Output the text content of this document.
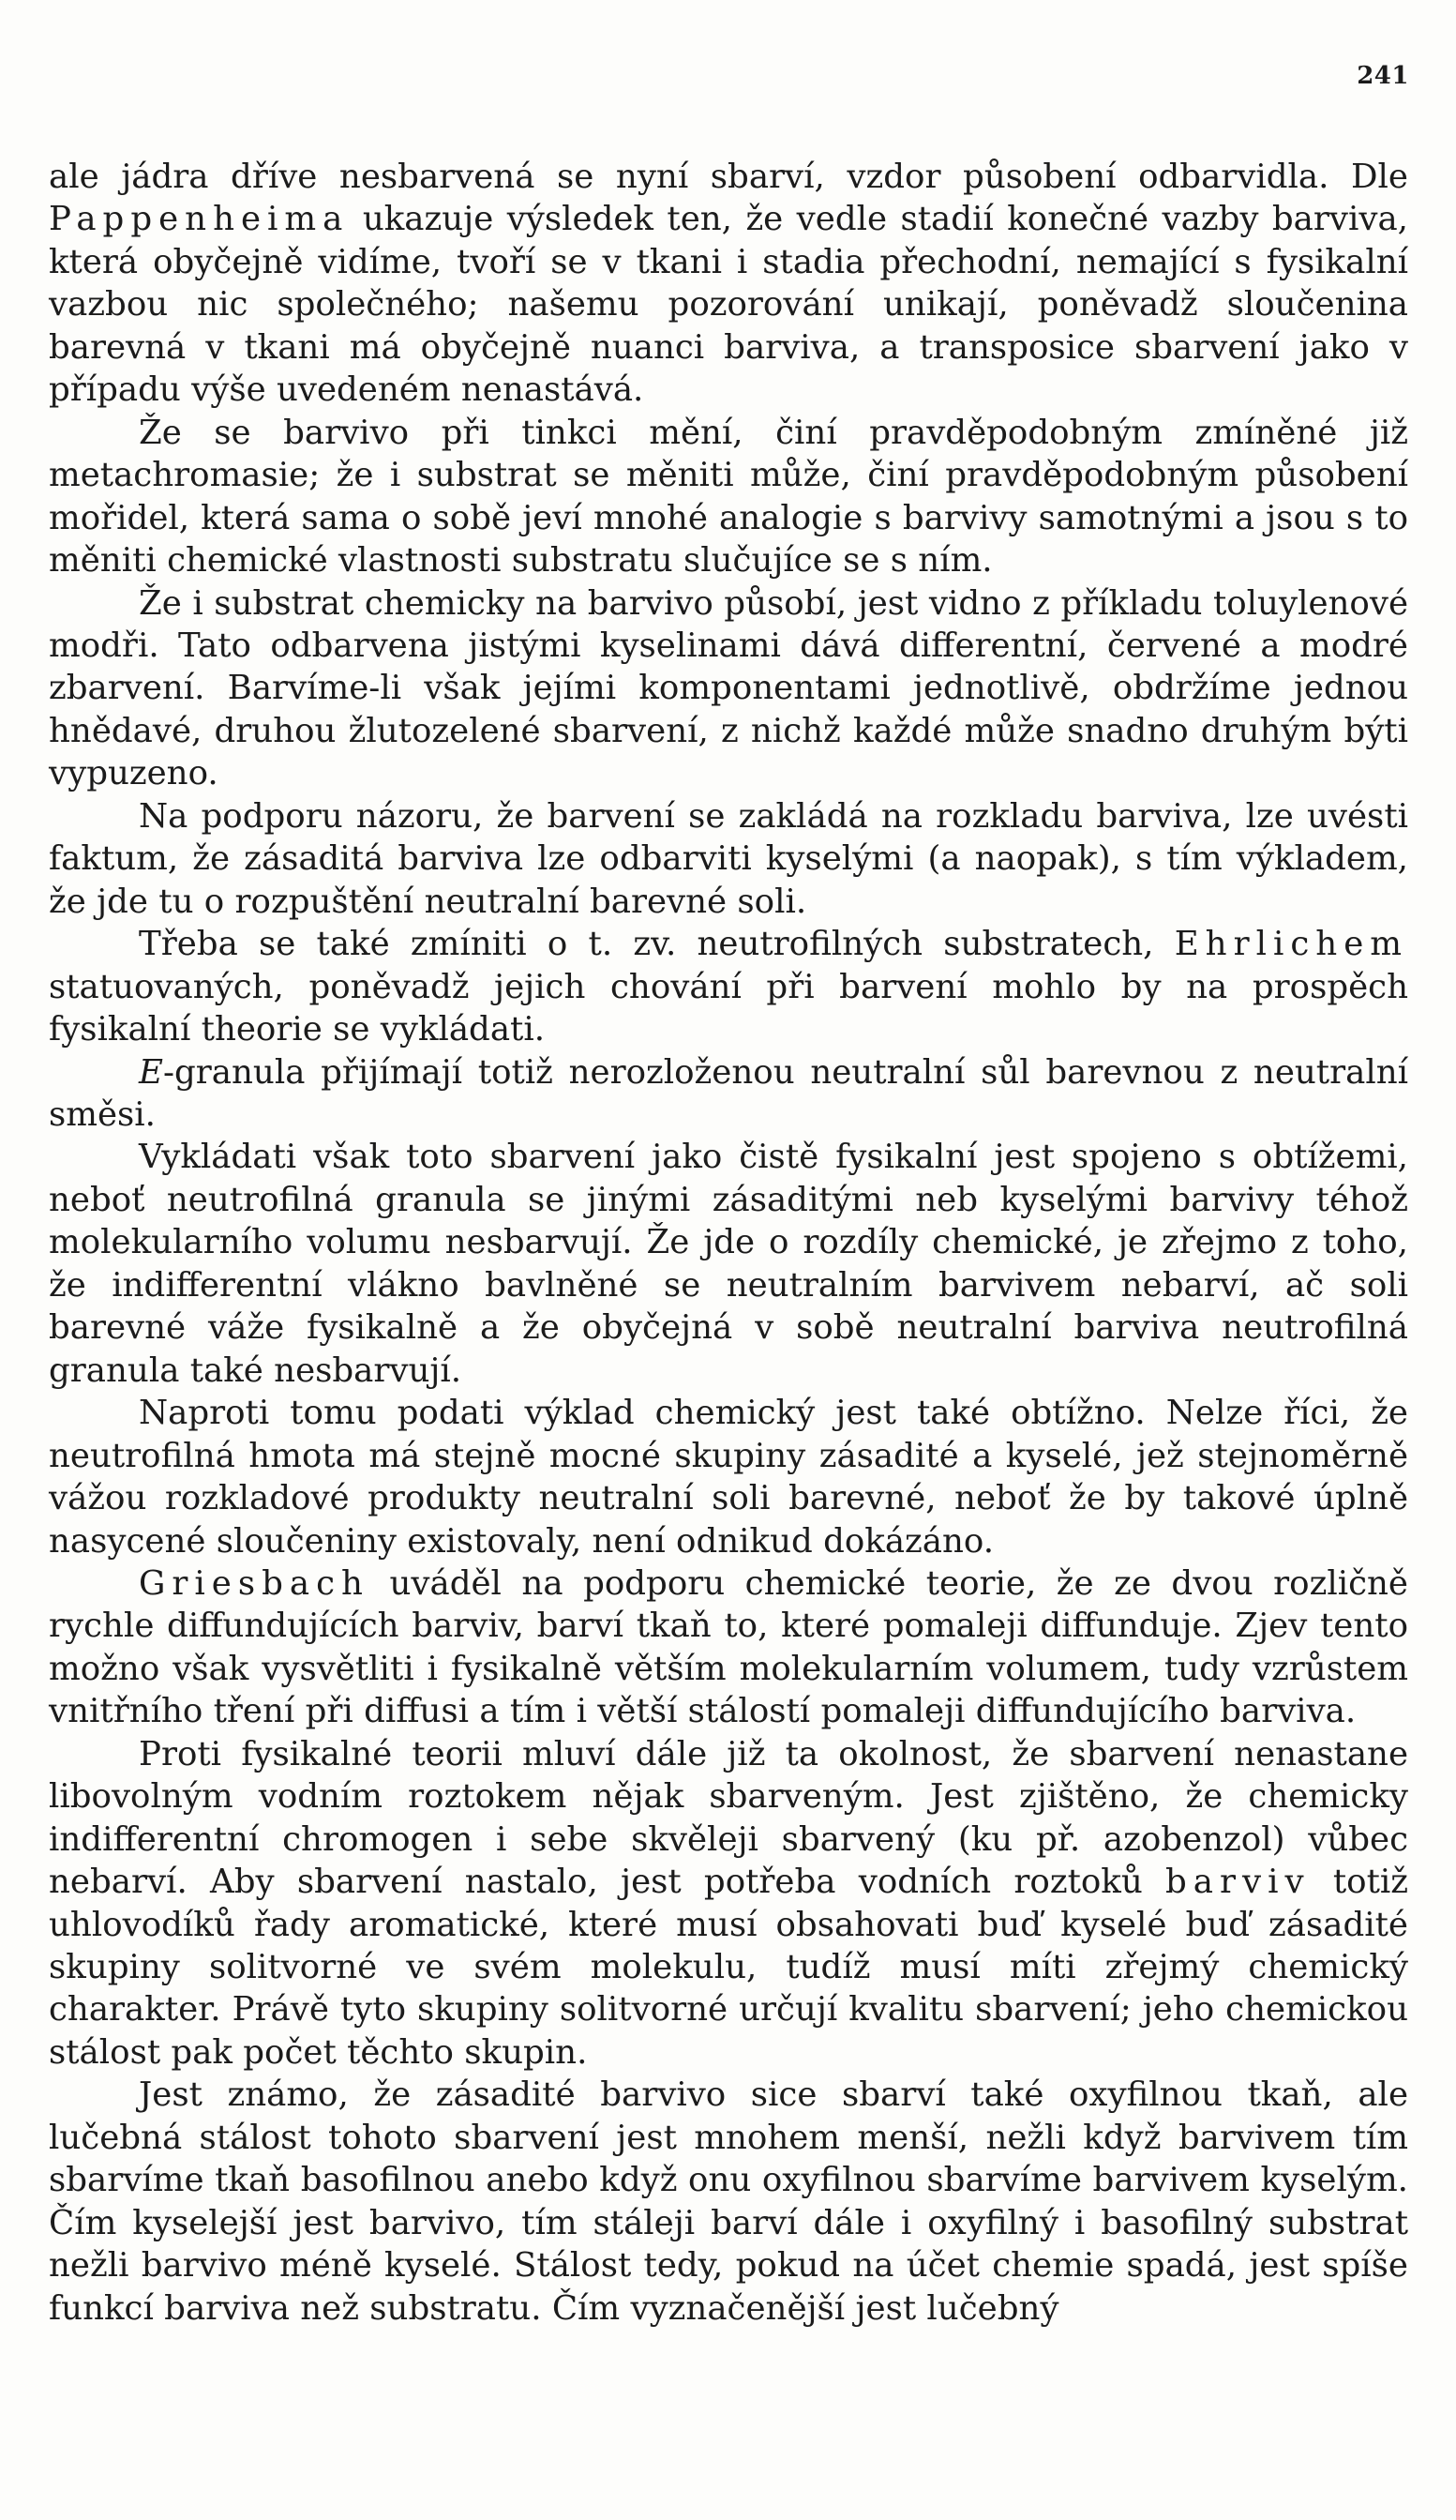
241

ale jádra dříve nesbarvená se nyní sbarví, vzdor působení odbarvidla. Dle Pappenheima ukazuje výsledek ten, že vedle stadií konečné vazby barviva, která obyčejně vidíme, tvoří se v tkani i stadia přechodní, nemající s fysikalní vazbou nic společného; našemu pozorování unikají, poněvadž sloučenina barevná v tkani má obyčejně nuanci barviva, a transposice sbarvení jako v případu výše uvedeném nenastává.

Že se barvivo při tinkci mění, činí pravděpodobným zmíněné již metachromasie; že i substrat se měniti může, činí pravděpodobným působení mořidel, která sama o sobě jeví mnohé analogie s barvivy samotnými a jsou s to měniti chemické vlastnosti substratu slučujíce se s ním.

Že i substrat chemicky na barvivo působí, jest vidno z příkladu toluylenové modři. Tato odbarvena jistými kyselinami dává differentní, červené a modré zbarvení. Barvíme-li však jejími komponentami jednotlivě, obdržíme jednou hnědavé, druhou žlutozelené sbarvení, z nichž každé může snadno druhým býti vypuzeno.

Na podporu názoru, že barvení se zakládá na rozkladu barviva, lze uvésti faktum, že zásaditá barviva lze odbarviti kyselými (a naopak), s tím výkladem, že jde tu o rozpuštění neutralní barevné soli.

Třeba se také zmíniti o t. zv. neutrofilných substratech, Ehrlichem statuovaných, poněvadž jejich chování při barvení mohlo by na prospěch fysikalní theorie se vykládati.

E-granula přijímají totiž nerozloženou neutralní sůl barevnou z neutralní směsi.

Vykládati však toto sbarvení jako čistě fysikalní jest spojeno s obtížemi, neboť neutrofilná granula se jinými zásaditými neb kyselými barvivy téhož molekularního volumu nesbarvují. Že jde o rozdíly chemické, je zřejmo z toho, že indifferentní vlákno bavlněné se neutralním barvivem nebarví, ač soli barevné váže fysikalně a že obyčejná v sobě neutralní barviva neutrofilná granula také nesbarvují.

Naproti tomu podati výklad chemický jest také obtížno. Nelze říci, že neutrofilná hmota má stejně mocné skupiny zásadité a kyselé, jež stejnoměrně vážou rozkladové produkty neutralní soli barevné, neboť že by takové úplně nasycené sloučeniny existovaly, není odnikud dokázáno.

Griesbach uváděl na podporu chemické teorie, že ze dvou rozličně rychle diffundujících barviv, barví tkaň to, které pomaleji diffunduje. Zjev tento možno však vysvětliti i fysikalně větším molekularním volumem, tudy vzrůstem vnitřního tření při diffusi a tím i větší stálostí pomaleji diffundujícího barviva.

Proti fysikalné teorii mluví dále již ta okolnost, že sbarvení nenastane libovolným vodním roztokem nějak sbarveným. Jest zjištěno, že chemicky indifferentní chromogen i sebe skvěleji sbarvený (ku př. azobenzol) vůbec nebarví. Aby sbarvení nastalo, jest potřeba vodních roztoků barviv totiž uhlovodíků řady aromatické, které musí obsahovati buď kyselé buď zásadité skupiny solitvorné ve svém molekulu, tudíž musí míti zřejmý chemický charakter. Právě tyto skupiny solitvorné určují kvalitu sbarvení; jeho chemickou stálost pak počet těchto skupin.

Jest známo, že zásadité barvivo sice sbarví také oxyfilnou tkaň, ale lučebná stálost tohoto sbarvení jest mnohem menší, nežli když barvivem tím sbarvíme tkaň basofilnou anebo když onu oxyfilnou sbarvíme barvivem kyselým. Čím kyselejší jest barvivo, tím stáleji barví dále i oxyfilný i basofilný substrat nežli barvivo méně kyselé. Stálost tedy, pokud na účet chemie spadá, jest spíše funkcí barviva než substratu. Čím vyznačenější jest lučebný
